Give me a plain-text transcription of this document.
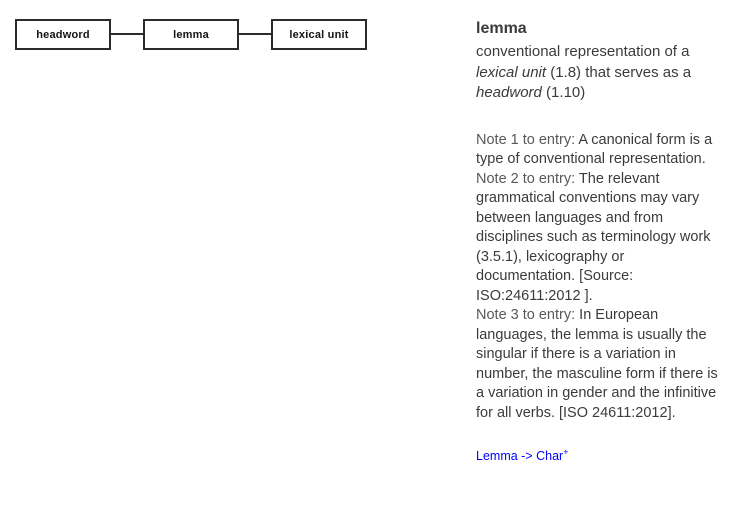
headword	lemma	lexical unit	lemma

conventional representation of a lexical unit (1.8) that serves as a headword (1.10)

Note 1 to entry: A canonical form is a type of conventional representation.

Note 2 to entry: The relevant grammatical conventions may vary between languages and from disciplines such as terminology work (3.5.1), lexicography or documentation. [Source: ISO:24611:2012 ].

Note 3 to entry: In European languages, the lemma is usually the singular if there is a variation in number, the masculine form if there is a variation in gender and the infinitive for all verbs. [ISO 24611:2012].

Lemma -> Char+
